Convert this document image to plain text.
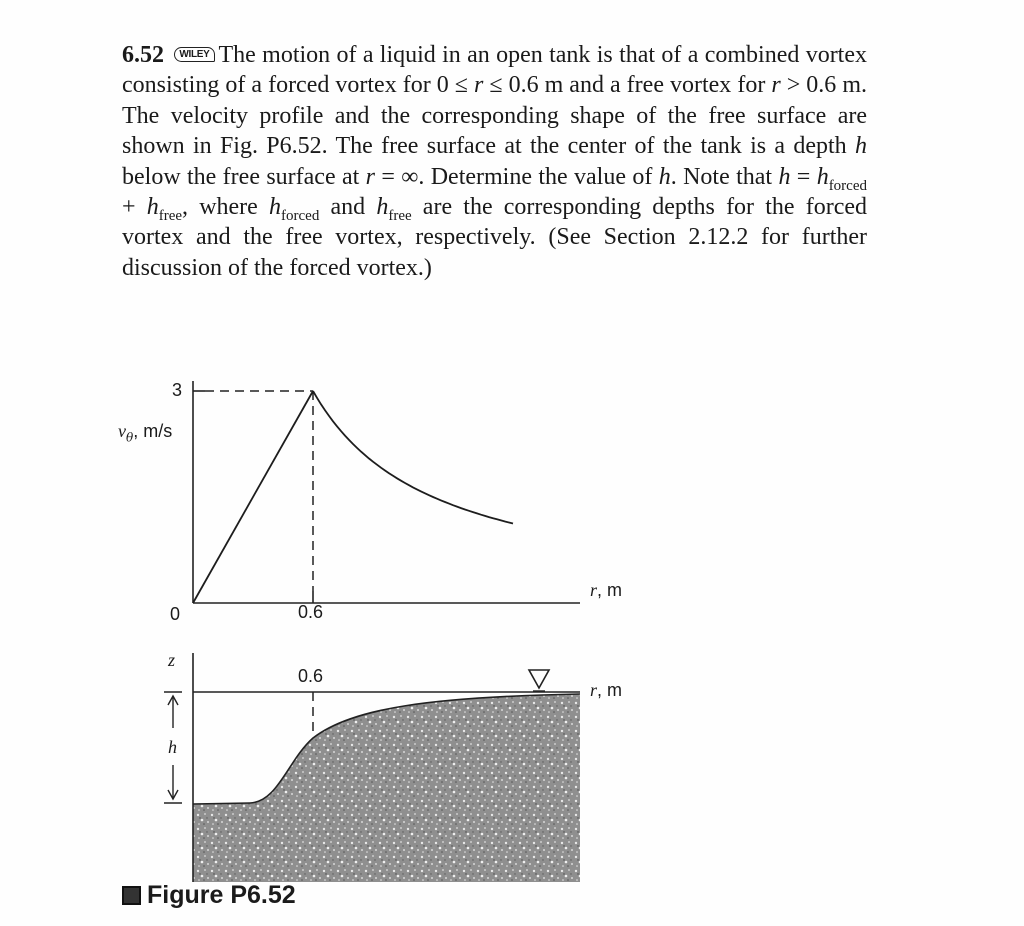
6.52 WILEY The motion of a liquid in an open tank is that of a combined vortex consisting of a forced vortex for 0 ≤ r ≤ 0.6 m and a free vortex for r > 0.6 m. The velocity profile and the corresponding shape of the free surface are shown in Fig. P6.52. The free surface at the center of the tank is a depth h below the free surface at r = ∞. Determine the value of h. Note that $h = h_{forced} + h_{free}$, where $h_{forced}$ and $h_{free}$ are the corresponding depths for the forced vortex and the free vortex, respectively. (See Section 2.12.2 for further discussion of the forced vortex.)
3
$v_\theta$, m/s
0	0.6
r, m
z
0.6
r, m
h
Figure P6.52
